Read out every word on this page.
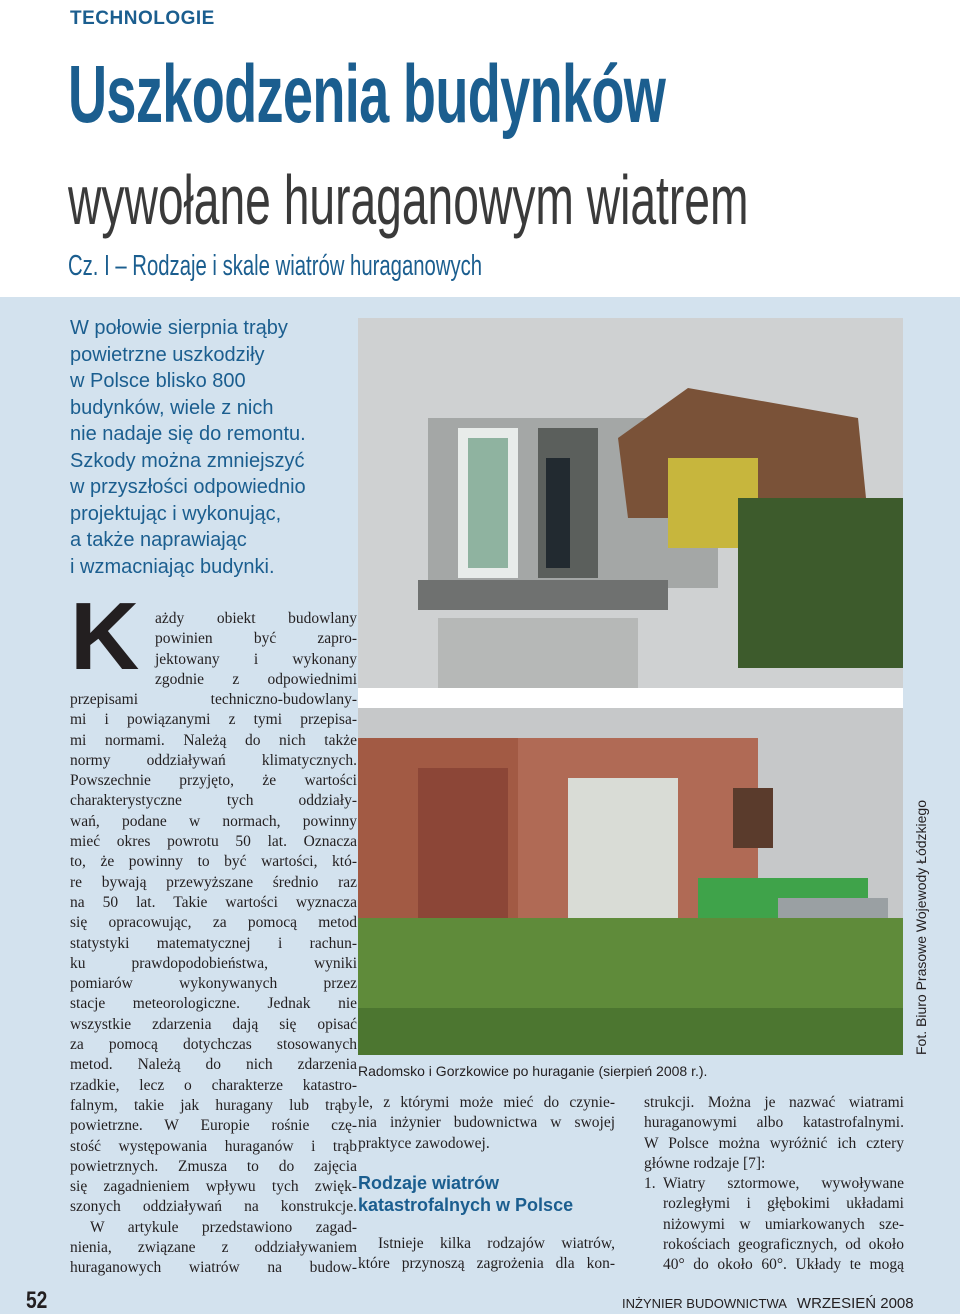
TECHNOLOGIE
Uszkodzenia budynków
wywołane huraganowym wiatrem
Cz. I – Rodzaje i skale wiatrów huraganowych
W połowie sierpnia trąby
powietrzne uszkodziły
w Polsce blisko 800
budynków, wiele z nich
nie nadaje się do remontu.
Szkody można zmniejszyć
w przyszłości odpowiednio
projektując i wykonując,
a także naprawiając
i wzmacniając budynki.
K ażdy obiekt budowlany
powinien być zapro-
jektowany i wykonany
zgodnie z odpowiednimi
przepisami techniczno-budowlany-
mi i powiązanymi z tymi przepisa-
mi normami. Należą do nich także
normy oddziaływań klimatycznych.
Powszechnie przyjęto, że wartości
charakterystyczne tych oddziały-
wań, podane w normach, powinny
mieć okres powrotu 50 lat. Oznacza
to, że powinny to być wartości, któ-
re bywają przewyższane średnio raz
na 50 lat. Takie wartości wyznacza
się opracowując, za pomocą metod
statystyki matematycznej i rachun-
ku prawdopodobieństwa, wyniki
pomiarów wykonywanych przez
stacje meteorologiczne. Jednak nie
wszystkie zdarzenia dają się opisać
za pomocą dotychczas stosowanych
metod. Należą do nich zdarzenia
rzadkie, lecz o charakterze katastro-
falnym, takie jak huragany lub trąby
powietrzne. W Europie rośnie czę-
stość występowania huraganów i trąb
powietrznych. Zmusza to do zajęcia
się zagadnieniem wpływu tych zwięk-
szonych oddziaływań na konstrukcje.
W artykule przedstawiono zagad-
nienia, związane z oddziaływaniem
huraganowych wiatrów na budow-
Radomsko i Gorzkowice po huraganie (sierpień 2008 r.).
Fot. Biuro Prasowe Wojewody Łódzkiego
le, z którymi może mieć do czynie-
nia inżynier budownictwa w swojej
praktyce zawodowej.
Rodzaje wiatrów
katastrofalnych w Polsce
Istnieje kilka rodzajów wiatrów,
które przynoszą zagrożenia dla kon-
strukcji. Można je nazwać wiatrami
huraganowymi albo katastrofalnymi.
W Polsce można wyróżnić ich cztery
główne rodzaje [7]:
1. Wiatry sztormowe, wywoływane
rozległymi i głębokimi układami
niżowymi w umiarkowanych sze-
rokościach geograficznych, od około
40° do około 60°. Układy te mogą
52	INŻYNIER BUDOWNICTWA WRZESIEŃ 2008
